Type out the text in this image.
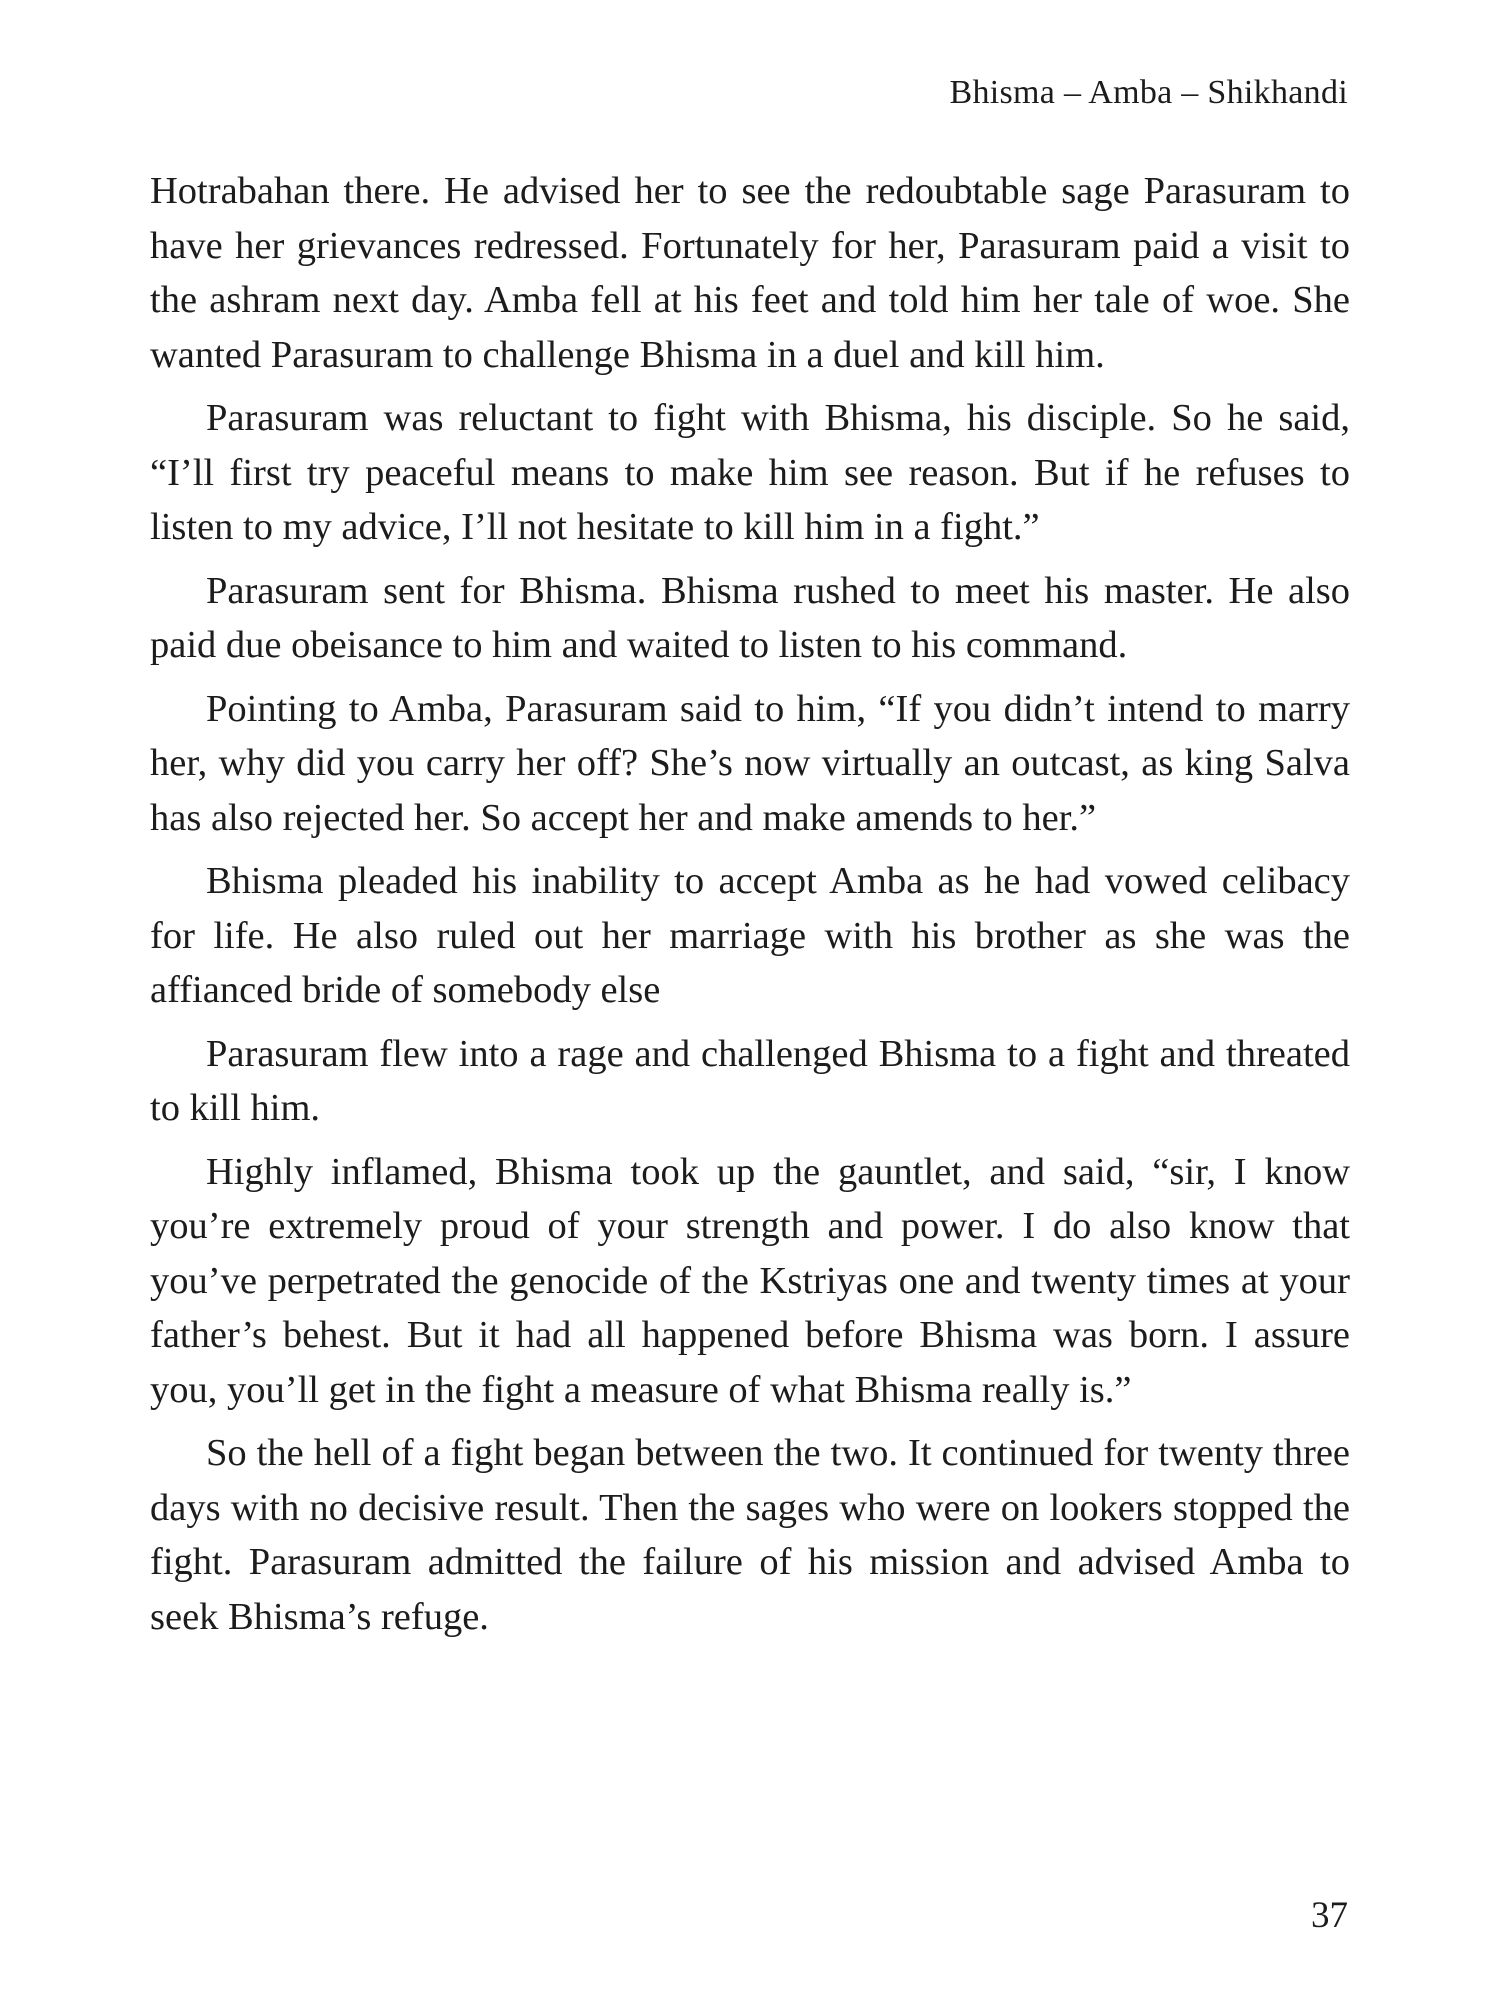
Bhisma – Amba – Shikhandi

Hotrabahan there. He advised her to see the redoubtable sage Parasuram to have her grievances redressed. Fortunately for her, Parasuram paid a visit to the ashram next day. Amba fell at his feet and told him her tale of woe. She wanted Parasuram to challenge Bhisma in a duel and kill him.

Parasuram was reluctant to fight with Bhisma, his disciple. So he said, “I’ll first try peaceful means to make him see reason. But if he refuses to listen to my advice, I’ll not hesitate to kill him in a fight.”

Parasuram sent for Bhisma. Bhisma rushed to meet his master. He also paid due obeisance to him and waited to listen to his command.

Pointing to Amba, Parasuram said to him, “If you didn’t intend to marry her, why did you carry her off? She’s now virtually an outcast, as king Salva has also rejected her. So accept her and make amends to her.”

Bhisma pleaded his inability to accept Amba as he had vowed celibacy for life. He also ruled out her marriage with his brother as she was the affianced bride of somebody else

Parasuram flew into a rage and challenged Bhisma to a fight and threated to kill him.

Highly inflamed, Bhisma took up the gauntlet, and said, “sir, I know you’re extremely proud of your strength and power. I do also know that you’ve perpetrated the genocide of the Kstriyas one and twenty times at your father’s behest. But it had all happened before Bhisma was born. I assure you, you’ll get in the fight a measure of what Bhisma really is.”

So the hell of a fight began between the two. It continued for twenty three days with no decisive result. Then the sages who were on lookers stopped the fight. Parasuram admitted the failure of his mission and advised Amba to seek Bhisma’s refuge.

37
